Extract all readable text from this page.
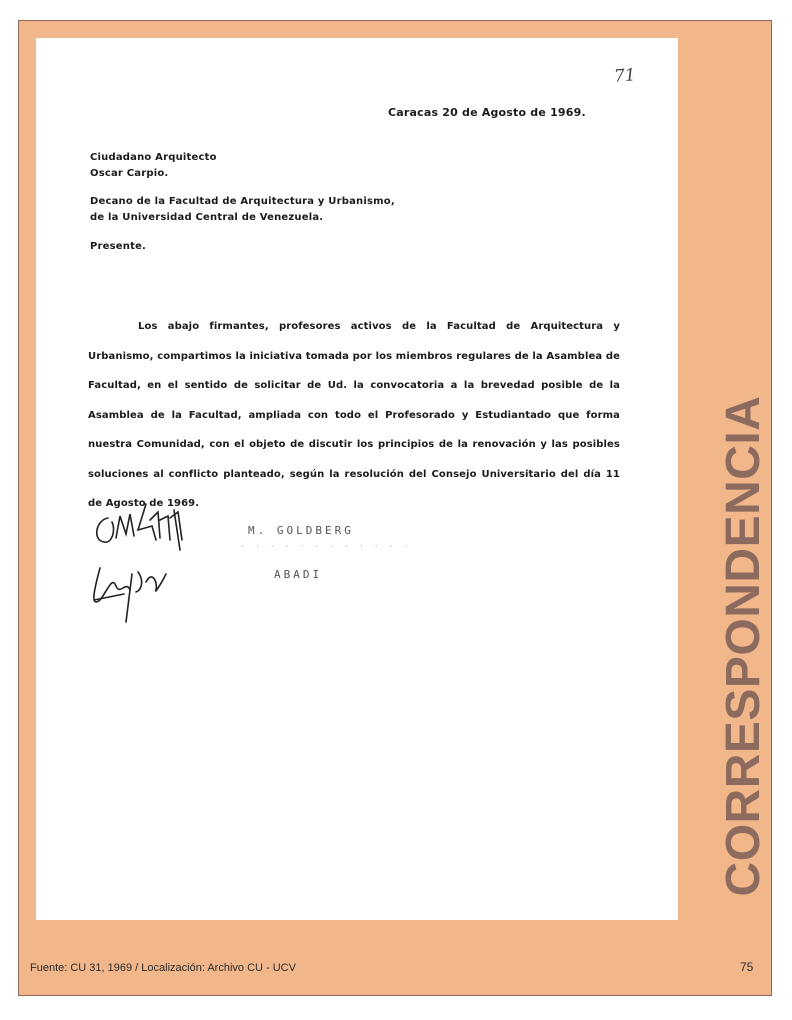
71
Caracas 20 de Agosto de 1969.
Ciudadano Arquitecto
Oscar Carpio.
Decano de la Facultad de Arquitectura y Urbanismo,
de la Universidad Central de Venezuela.
Presente.
Los abajo firmantes, profesores activos de la Facultad de Arquitectura y Urbanismo, compartimos la iniciativa tomada por los miembros regulares de la Asamblea de Facultad, en el sentido de solicitar de Ud. la convocatoria a la brevedad posible de la Asamblea de la Facultad, ampliada con todo el Profesorado y Estudiantado que forma nuestra Comunidad, con el objeto de discutir los principios de la renovación y las posibles soluciones al conflicto planteado, según la resolución del Consejo Universitario del día 11 de Agosto de 1969.
M. GOLDBERG
· · · · · · · · · · · ·
ABADI	CORRESPONDENCIA
Fuente: CU 31, 1969 / Localización: Archivo CU - UCV	75
